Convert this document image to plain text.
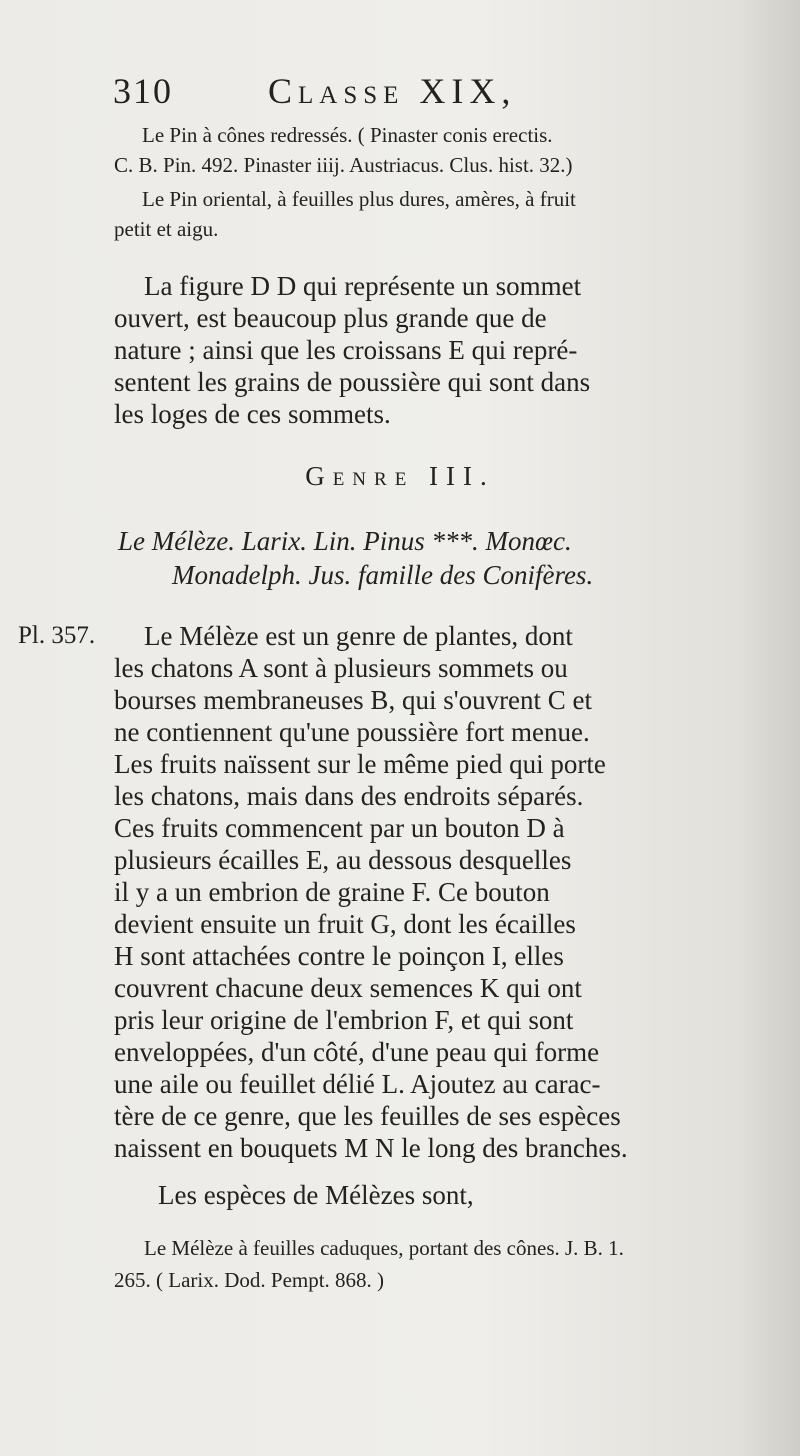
310	Classe XIX,

Le Pin à cônes redressés. ( Pinaster conis erectis.
C. B. Pin. 492. Pinaster iiij. Austriacus. Clus. hist. 32.)

Le Pin oriental, à feuilles plus dures, amères, à fruit
petit et aigu.

La figure D D qui représente un sommet
ouvert, est beaucoup plus grande que de
nature ; ainsi que les croissans E qui repré-
sentent les grains de poussière qui sont dans
les loges de ces sommets.

Genre III.

Le Mélèze. Larix. Lin. Pinus ***. Monœc.
Monadelph. Jus. famille des Conifères.

Pl. 357.	Le Mélèze est un genre de plantes, dont
les chatons A sont à plusieurs sommets ou
bourses membraneuses B, qui s'ouvrent C et
ne contiennent qu'une poussière fort menue.
Les fruits naïssent sur le même pied qui porte
les chatons, mais dans des endroits séparés.
Ces fruits commencent par un bouton D à
plusieurs écailles E, au dessous desquelles
il y a un embrion de graine F. Ce bouton
devient ensuite un fruit G, dont les écailles
H sont attachées contre le poinçon I, elles
couvrent chacune deux semences K qui ont
pris leur origine de l'embrion F, et qui sont
enveloppées, d'un côté, d'une peau qui forme
une aile ou feuillet délié L. Ajoutez au carac-
tère de ce genre, que les feuilles de ses espèces
naissent en bouquets M N le long des branches.

Les espèces de Mélèzes sont,

Le Mélèze à feuilles caduques, portant des cônes. J. B. 1.
265. ( Larix. Dod. Pempt. 868. )
